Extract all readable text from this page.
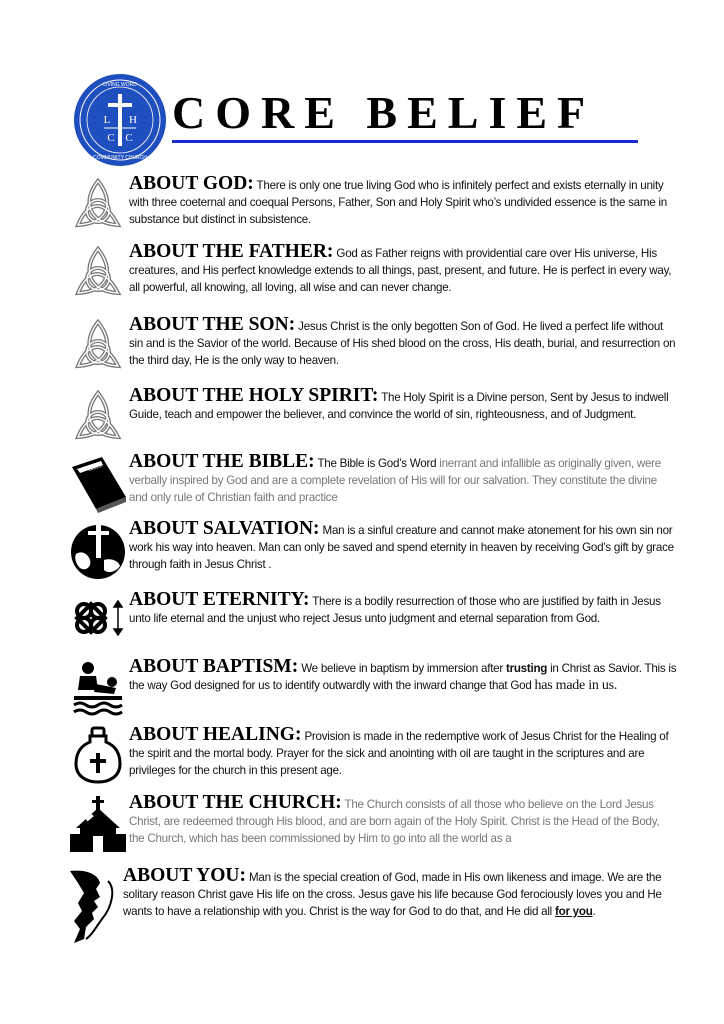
LIVING WORD
COMMUNITY CHURCH
L H
C C CORE BELIEF
ABOUT GOD: There is only one true living God who is infinitely perfect and exists eternally in unity with three coeternal and coequal Persons, Father, Son and Holy Spirit who’s undivided essence is the same in substance but distinct in subsistence.
ABOUT THE FATHER: God as Father reigns with providential care over His universe, His creatures, and His perfect knowledge extends to all things, past, present, and future. He is perfect in every way, all powerful, all knowing, all loving, all wise and can never change.
ABOUT THE SON: Jesus Christ is the only begotten Son of God. He lived a perfect life without sin and is the Savior of the world. Because of His shed blood on the cross, His death, burial, and resurrection on the third day, He is the only way to heaven.
ABOUT THE HOLY SPIRIT: The Holy Spirit is a Divine person, Sent by Jesus to indwell Guide, teach and empower the believer, and convince the world of sin, righteousness, and of Judgment.
BIBLE ABOUT THE BIBLE: The Bible is God’s Word inerrant and infallible as originally given, were verbally inspired by God and are a complete revelation of His will for our salvation. They constitute the divine and only rule of Christian faith and practice
ABOUT SALVATION: Man is a sinful creature and cannot make atonement for his own sin nor work his way into heaven. Man can only be saved and spend eternity in heaven by receiving God’s gift by grace through faith in Jesus Christ .
ABOUT ETERNITY: There is a bodily resurrection of those who are justified by faith in Jesus unto life eternal and the unjust who reject Jesus unto judgment and eternal separation from God.
ABOUT BAPTISM: We believe in baptism by immersion after trusting in Christ as Savior. This is the way God designed for us to identify outwardly with the inward change that God has made in us.
ABOUT HEALING: Provision is made in the redemptive work of Jesus Christ for the Healing of the spirit and the mortal body. Prayer for the sick and anointing with oil are taught in the scriptures and are privileges for the church in this present age.
ABOUT THE CHURCH: The Church consists of all those who believe on the Lord Jesus Christ, are redeemed through His blood, and are born again of the Holy Spirit. Christ is the Head of the Body, the Church, which has been commissioned by Him to go into all the world as a
ABOUT YOU: Man is the special creation of God, made in His own likeness and image. We are the solitary reason Christ gave His life on the cross. Jesus gave his life because God ferociously loves you and He wants to have a relationship with you. Christ is the way for God to do that, and He did all for you.
